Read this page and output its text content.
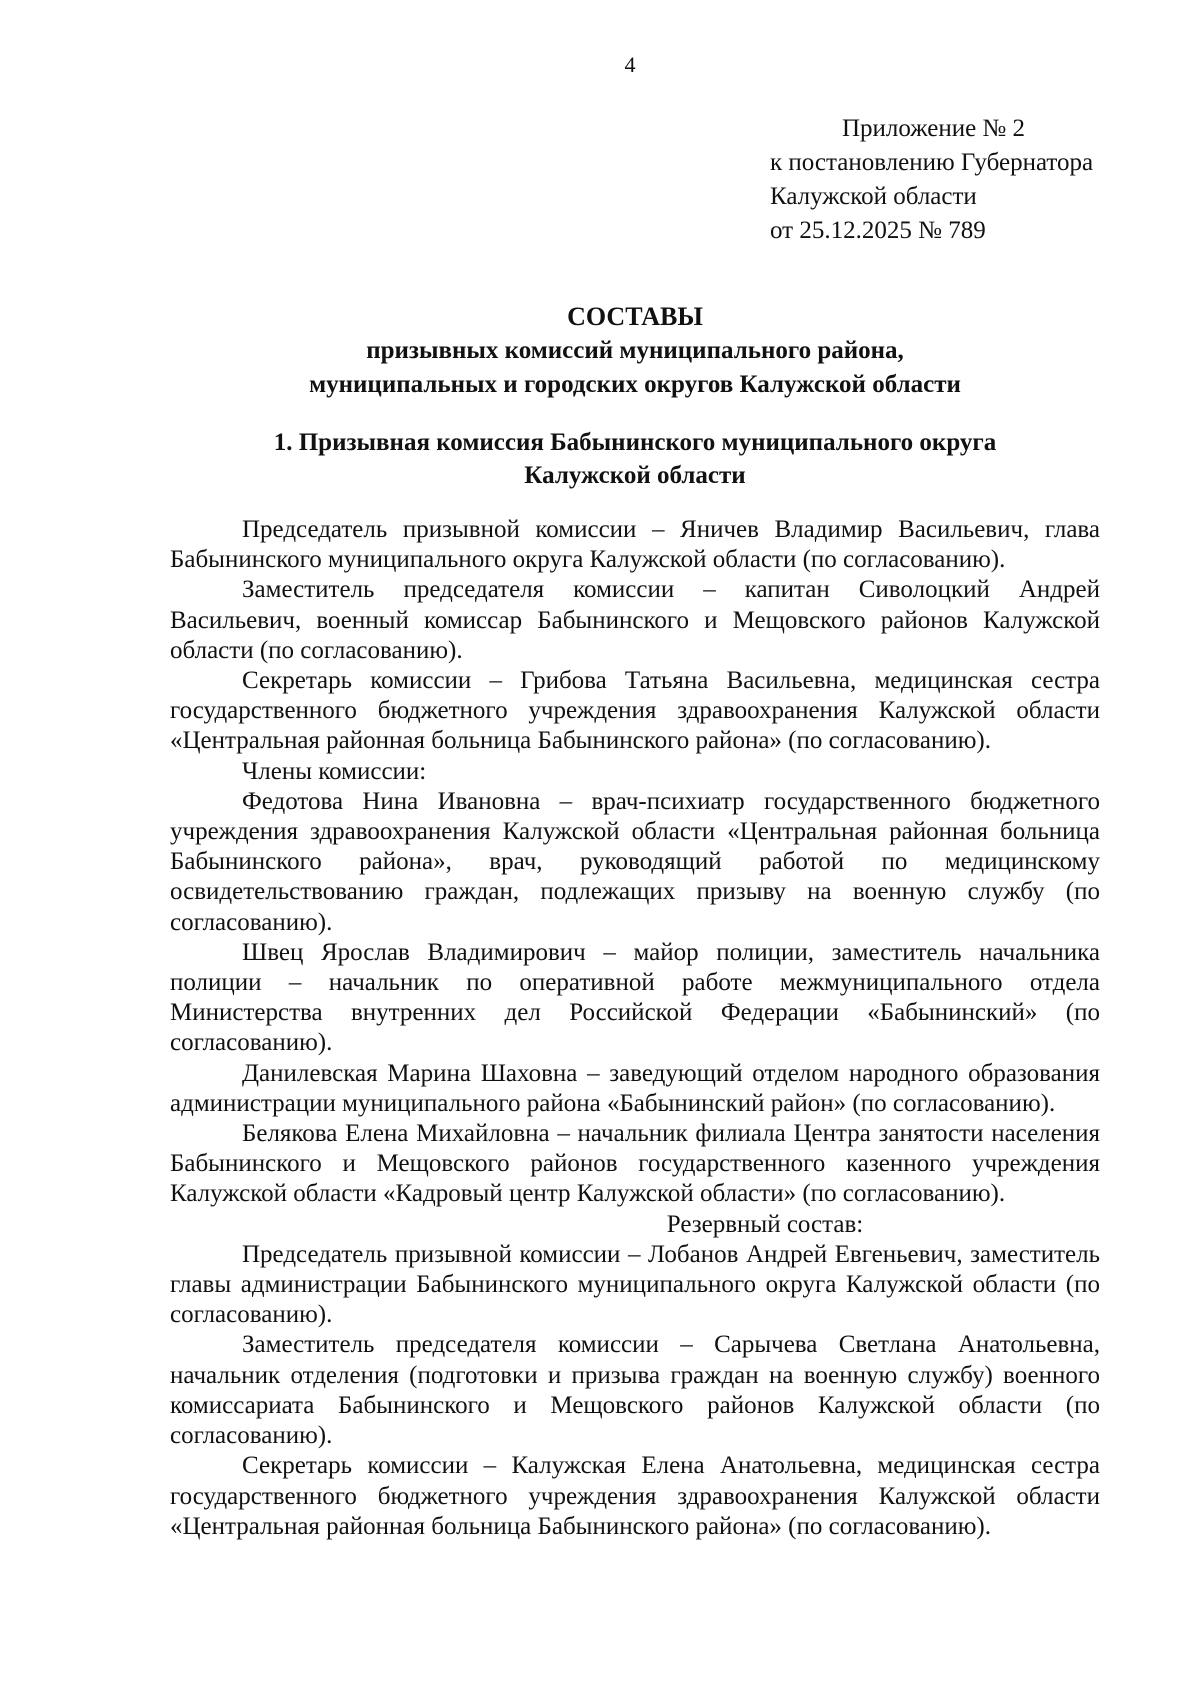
4
Приложение № 2
к постановлению Губернатора
Калужской области
от 25.12.2025 № 789
СОСТАВЫ
призывных комиссий муниципального района,
муниципальных и городских округов Калужской области
1. Призывная комиссия Бабынинского муниципального округа
Калужской области

Председатель призывной комиссии – Яничев Владимир Васильевич, глава Бабынинского муниципального округа Калужской области (по согласованию).

Заместитель председателя комиссии – капитан Сиволоцкий Андрей Васильевич, военный комиссар Бабынинского и Мещовского районов Калужской области (по согласованию).

Секретарь комиссии – Грибова Татьяна Васильевна, медицинская сестра государственного бюджетного учреждения здравоохранения Калужской области «Центральная районная больница Бабынинского района» (по согласованию).

Члены комиссии:

Федотова Нина Ивановна – врач-психиатр государственного бюджетного учреждения здравоохранения Калужской области «Центральная районная больница Бабынинского района», врач, руководящий работой по медицинскому освидетельствованию граждан, подлежащих призыву на военную службу (по согласованию).

Швец Ярослав Владимирович – майор полиции, заместитель начальника полиции – начальник по оперативной работе межмуниципального отдела Министерства внутренних дел Российской Федерации «Бабынинский» (по согласованию).

Данилевская Марина Шаховна – заведующий отделом народного образования администрации муниципального района «Бабынинский район» (по согласованию).

Белякова Елена Михайловна – начальник филиала Центра занятости населения Бабынинского и Мещовского районов государственного казенного учреждения Калужской области «Кадровый центр Калужской области» (по согласованию).

Резервный состав:

Председатель призывной комиссии – Лобанов Андрей Евгеньевич, заместитель главы администрации Бабынинского муниципального округа Калужской области (по согласованию).

Заместитель председателя комиссии – Сарычева Светлана Анатольевна, начальник отделения (подготовки и призыва граждан на военную службу) военного комиссариата Бабынинского и Мещовского районов Калужской области (по согласованию).

Секретарь комиссии – Калужская Елена Анатольевна, медицинская сестра государственного бюджетного учреждения здравоохранения Калужской области «Центральная районная больница Бабынинского района» (по согласованию).
